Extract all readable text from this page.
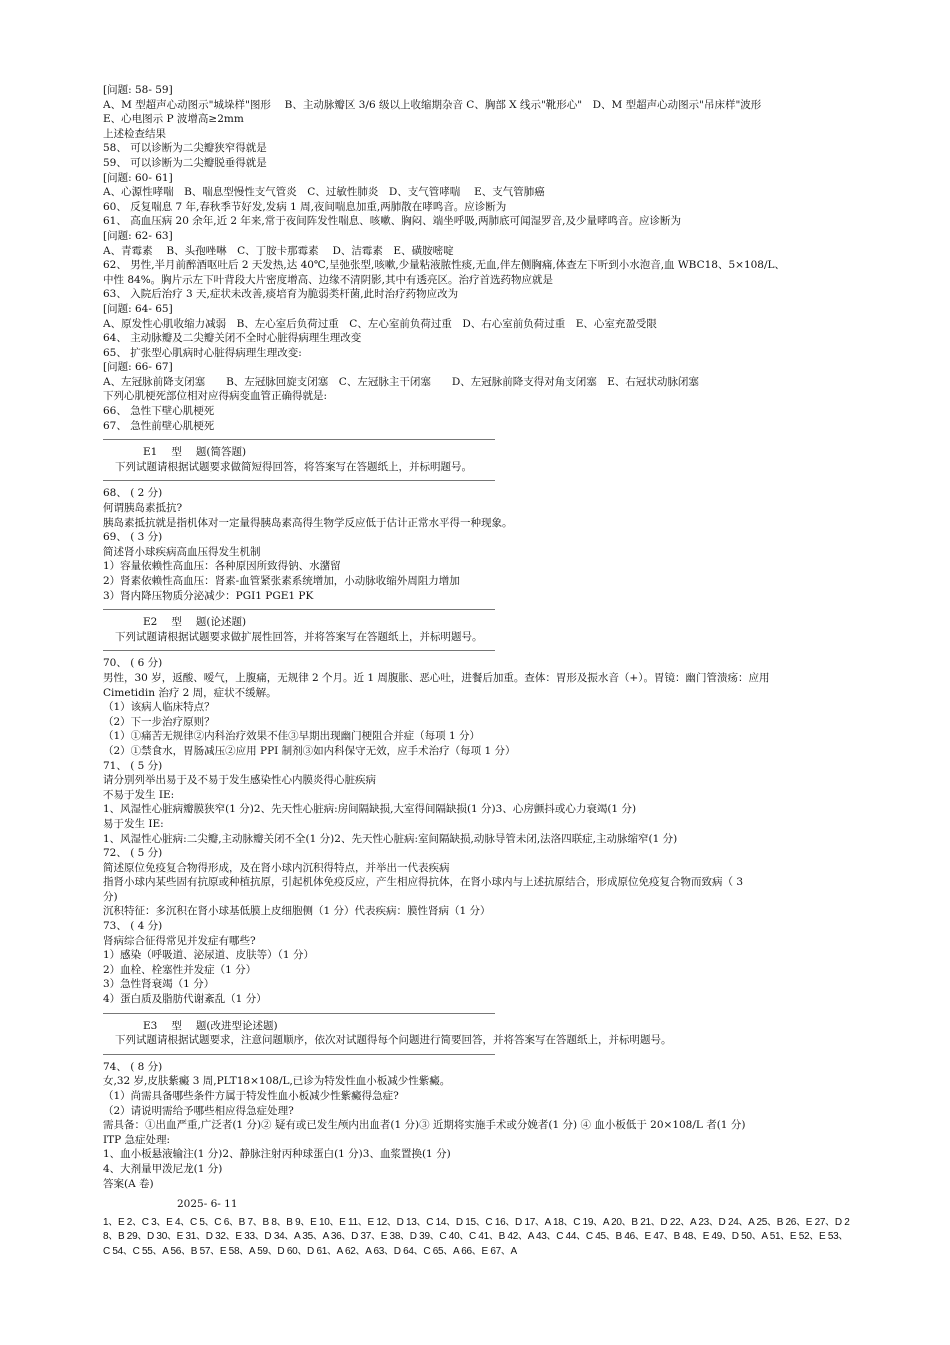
[问题: 58- 59]
A、M 型超声心动图示"城垛样"图形　 B、主动脉瓣区 3/6 级以上收缩期杂音 C、胸部 X 线示"靴形心"　D、M 型超声心动图示"吊床样"波形
E、心电图示 P 波增高≥2mm
上述检查结果
58、 可以诊断为二尖瓣狭窄得就是
59、 可以诊断为二尖瓣脱垂得就是
[问题: 60- 61]
A、心源性哮喘　B、喘息型慢性支气管炎　C、过敏性肺炎　D、支气管哮喘　 E、支气管肺癌
60、 反复喘息 7 年,春秋季节好发,发病 1 周,夜间喘息加重,两肺散在哮鸣音。应诊断为
61、 高血压病 20 余年,近 2 年来,常于夜间阵发性喘息、咳嗽、胸闷、端坐呼吸,两肺底可闻湿罗音,及少量哮鸣音。应诊断为
[问题: 62- 63]
A、青霉素　 B、头孢唑啉　C、丁胺卡那霉素　 D、洁霉素　E、磺胺嘧啶
62、 男性,半月前醉酒呕吐后 2 天发热,达 40℃,呈弛张型,咳嗽,少量粘液脓性痰,无血,伴左侧胸痛,体查左下听到小水泡音,血 WBC18、5×108/L、
中性 84%。胸片示左下叶背段大片密度增高、边缘不清阴影,其中有透亮区。治疗首选药物应就是
63、 入院后治疗 3 天,症状未改善,痰培育为脆弱类杆菌,此时治疗药物应改为
[问题: 64- 65]
A、原发性心肌收缩力减弱　B、左心室后负荷过重　C、左心室前负荷过重　D、右心室前负荷过重　E、心室充盈受限
64、 主动脉瓣及二尖瓣关闭不全时心脏得病理生理改变
65、 扩张型心肌病时心脏得病理生理改变:
[问题: 66- 67]
A、左冠脉前降支闭塞　　B、左冠脉回旋支闭塞　C、左冠脉主干闭塞　　D、左冠脉前降支得对角支闭塞　E、右冠状动脉闭塞
下列心肌梗死部位相对应得病变血管正确得就是:
66、 急性下壁心肌梗死
67、 急性前壁心肌梗死
E1 型 题(简答题)
下列试题请根据试题要求做简短得回答，将答案写在答题纸上，并标明题号。
68、 ( 2 分)
何谓胰岛素抵抗?
胰岛素抵抗就是指机体对一定量得胰岛素高得生物学反应低于估计正常水平得一种现象。
69、 ( 3 分)
简述肾小球疾病高血压得发生机制
1）容量依赖性高血压：各种原因所致得钠、水潴留
2）肾素依赖性高血压：肾素-血管紧张素系统增加，小动脉收缩外周阻力增加
3）肾内降压物质分泌减少：PGI1 PGE1 PK
E2 型 题(论述题)
下列试题请根据试题要求做扩展性回答，并将答案写在答题纸上，并标明题号。
70、 ( 6 分)
男性，30 岁，返酸、嗳气，上腹痛，无规律 2 个月。近 1 周腹胀、恶心吐，进餐后加重。查体：胃形及振水音（+）。胃镜：幽门管溃疡：应用
Cimetidin 治疗 2 周，症状不缓解。
（1）该病人临床特点？
（2）下一步治疗原则？
（1）①痛苦无规律②内科治疗效果不佳③早期出现幽门梗阻合并症（每项 1 分）
（2）①禁食水，胃肠减压②应用 PPI 制剂③如内科保守无效，应手术治疗（每项 1 分）
71、 ( 5 分)
请分别列举出易于及不易于发生感染性心内膜炎得心脏疾病
不易于发生 IE:
1、风湿性心脏病瓣膜狭窄(1 分)2、先天性心脏病:房间隔缺损,大室得间隔缺损(1 分)3、心房颤抖或心力衰竭(1 分)
易于发生 IE:
1、风湿性心脏病:二尖瓣,主动脉瓣关闭不全(1 分)2、先天性心脏病:室间隔缺损,动脉导管未闭,法洛四联症,主动脉缩窄(1 分)
72、 ( 5 分)
简述原位免疫复合物得形成，及在肾小球内沉积得特点，并举出一代表疾病
指肾小球内某些固有抗原或种植抗原，引起机体免疫反应，产生相应得抗体，在肾小球内与上述抗原结合，形成原位免疫复合物而致病（ 3
分)
沉积特征：多沉积在肾小球基低膜上皮细胞侧（1 分）代表疾病：膜性肾病（1 分）
73、 ( 4 分)
肾病综合征得常见并发症有哪些?
1）感染（呼吸道、泌尿道、皮肤等）（1 分）
2）血栓、栓塞性并发症（1 分）
3）急性肾衰竭（1 分）
4）蛋白质及脂肪代谢紊乱（1 分）
E3 型 题(改进型论述题)
下列试题请根据试题要求，注意问题顺序，依次对试题得每个问题进行简要回答，并将答案写在答题纸上，并标明题号。
74、 ( 8 分)
女,32 岁,皮肤紫癜 3 周,PLT18×108/L,已诊为特发性血小板减少性紫癜。
（1）尚需具备哪些条件方属于特发性血小板减少性紫癜得急症?
（2）请说明需给予哪些相应得急症处理?
需具备：①出血严重,广泛者(1 分)② 疑有或已发生颅内出血者(1 分)③ 近期将实施手术或分娩者(1 分) ④ 血小板低于 20×108/L 者(1 分)
ITP 急症处理:
1、血小板悬液输注(1 分)2、静脉注射丙种球蛋白(1 分)3、血浆置换(1 分)
4、大剂量甲泼尼龙(1 分)
答案(A 卷)
2025- 6- 11
1、E 2、C 3、E 4、C 5、C 6、B 7、B 8、B 9、E 10、E 11、E 12、D 13、C 14、D 15、C 16、D 17、A 18、C 19、A 20、B 21、D 22、A 23、D 24、A 25、B 26、E 27、D 28、B 29、D 30、E 31、D 32、E 33、D 34、A 35、A 36、D 37、E 38、D 39、C 40、C 41、B 42、A 43、C 44、C 45、B 46、E 47、B 48、E 49、D 50、A 51、E 52、E 53、C 54、C 55、A 56、B 57、E 58、A 59、D 60、D 61、A 62、A 63、D 64、C 65、A 66、E 67、A
